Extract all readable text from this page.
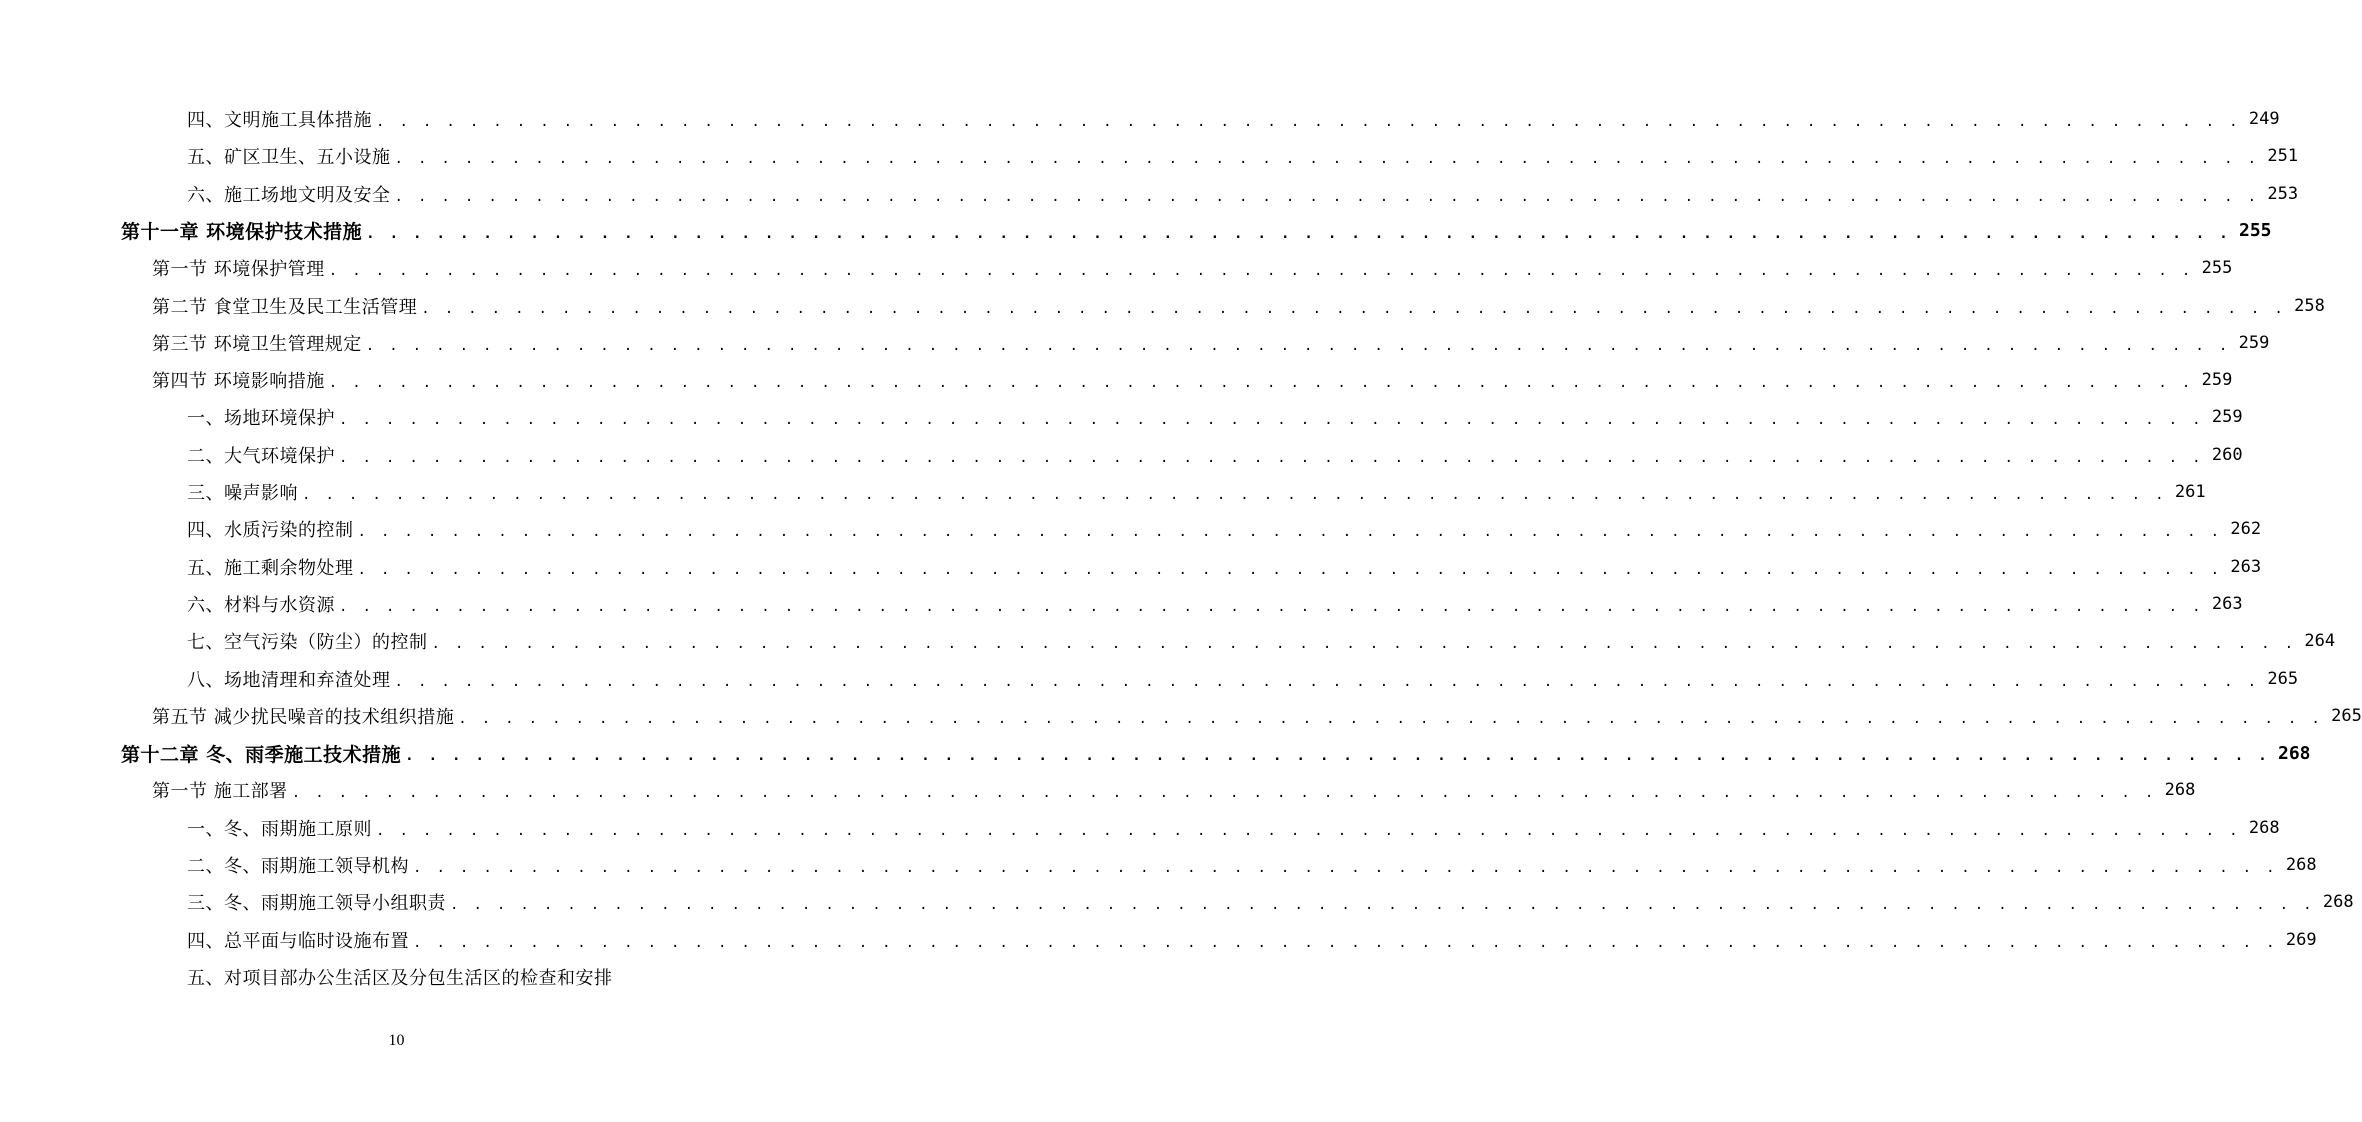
四、文明施工具体措施 . . . . . . . . . . . . . . . . . . . . . . . . . . . . . . . . . . . . . . . . . . . . . . . . . . . . . . . . . . . . . . . . . . . . . . . . . . . . . . . . 249
五、矿区卫生、五小设施 . . . . . . . . . . . . . . . . . . . . . . . . . . . . . . . . . . . . . . . . . . . . . . . . . . . . . . . . . . . . . . . . . . . . . . . . . . . . . . . . 251
六、施工场地文明及安全 . . . . . . . . . . . . . . . . . . . . . . . . . . . . . . . . . . . . . . . . . . . . . . . . . . . . . . . . . . . . . . . . . . . . . . . . . . . . . . . . 253
第十一章 环境保护技术措施 . . . . . . . . . . . . . . . . . . . . . . . . . . . . . . . . . . . . . . . . . . . . . . . . . . . . . . . . . . . . . . . . . . . . . . . . . . . . . . . . 255
第一节 环境保护管理 . . . . . . . . . . . . . . . . . . . . . . . . . . . . . . . . . . . . . . . . . . . . . . . . . . . . . . . . . . . . . . . . . . . . . . . . . . . . . . . . 255
第二节 食堂卫生及民工生活管理 . . . . . . . . . . . . . . . . . . . . . . . . . . . . . . . . . . . . . . . . . . . . . . . . . . . . . . . . . . . . . . . . . . . . . . . . . . . . . . . . 258
第三节 环境卫生管理规定 . . . . . . . . . . . . . . . . . . . . . . . . . . . . . . . . . . . . . . . . . . . . . . . . . . . . . . . . . . . . . . . . . . . . . . . . . . . . . . . . 259
第四节 环境影响措施 . . . . . . . . . . . . . . . . . . . . . . . . . . . . . . . . . . . . . . . . . . . . . . . . . . . . . . . . . . . . . . . . . . . . . . . . . . . . . . . . 259
一、场地环境保护 . . . . . . . . . . . . . . . . . . . . . . . . . . . . . . . . . . . . . . . . . . . . . . . . . . . . . . . . . . . . . . . . . . . . . . . . . . . . . . . . 259
二、大气环境保护 . . . . . . . . . . . . . . . . . . . . . . . . . . . . . . . . . . . . . . . . . . . . . . . . . . . . . . . . . . . . . . . . . . . . . . . . . . . . . . . . 260
三、噪声影响 . . . . . . . . . . . . . . . . . . . . . . . . . . . . . . . . . . . . . . . . . . . . . . . . . . . . . . . . . . . . . . . . . . . . . . . . . . . . . . . . 261
四、水质污染的控制 . . . . . . . . . . . . . . . . . . . . . . . . . . . . . . . . . . . . . . . . . . . . . . . . . . . . . . . . . . . . . . . . . . . . . . . . . . . . . . . . 262
五、施工剩余物处理 . . . . . . . . . . . . . . . . . . . . . . . . . . . . . . . . . . . . . . . . . . . . . . . . . . . . . . . . . . . . . . . . . . . . . . . . . . . . . . . . 263
六、材料与水资源 . . . . . . . . . . . . . . . . . . . . . . . . . . . . . . . . . . . . . . . . . . . . . . . . . . . . . . . . . . . . . . . . . . . . . . . . . . . . . . . . 263
七、空气污染（防尘）的控制 . . . . . . . . . . . . . . . . . . . . . . . . . . . . . . . . . . . . . . . . . . . . . . . . . . . . . . . . . . . . . . . . . . . . . . . . . . . . . . . . 264
八、场地清理和弃渣处理 . . . . . . . . . . . . . . . . . . . . . . . . . . . . . . . . . . . . . . . . . . . . . . . . . . . . . . . . . . . . . . . . . . . . . . . . . . . . . . . . 265
第五节 减少扰民噪音的技术组织措施 . . . . . . . . . . . . . . . . . . . . . . . . . . . . . . . . . . . . . . . . . . . . . . . . . . . . . . . . . . . . . . . . . . . . . . . . . . . . . . . . 265
第十二章 冬、雨季施工技术措施 . . . . . . . . . . . . . . . . . . . . . . . . . . . . . . . . . . . . . . . . . . . . . . . . . . . . . . . . . . . . . . . . . . . . . . . . . . . . . . . . 268
第一节 施工部署 . . . . . . . . . . . . . . . . . . . . . . . . . . . . . . . . . . . . . . . . . . . . . . . . . . . . . . . . . . . . . . . . . . . . . . . . . . . . . . . . 268
一、冬、雨期施工原则 . . . . . . . . . . . . . . . . . . . . . . . . . . . . . . . . . . . . . . . . . . . . . . . . . . . . . . . . . . . . . . . . . . . . . . . . . . . . . . . . 268
二、冬、雨期施工领导机构 . . . . . . . . . . . . . . . . . . . . . . . . . . . . . . . . . . . . . . . . . . . . . . . . . . . . . . . . . . . . . . . . . . . . . . . . . . . . . . . . 268
三、冬、雨期施工领导小组职责 . . . . . . . . . . . . . . . . . . . . . . . . . . . . . . . . . . . . . . . . . . . . . . . . . . . . . . . . . . . . . . . . . . . . . . . . . . . . . . . . 268
四、总平面与临时设施布置 . . . . . . . . . . . . . . . . . . . . . . . . . . . . . . . . . . . . . . . . . . . . . . . . . . . . . . . . . . . . . . . . . . . . . . . . . . . . . . . . 269
五、对项目部办公生活区及分包生活区的检查和安排
10
